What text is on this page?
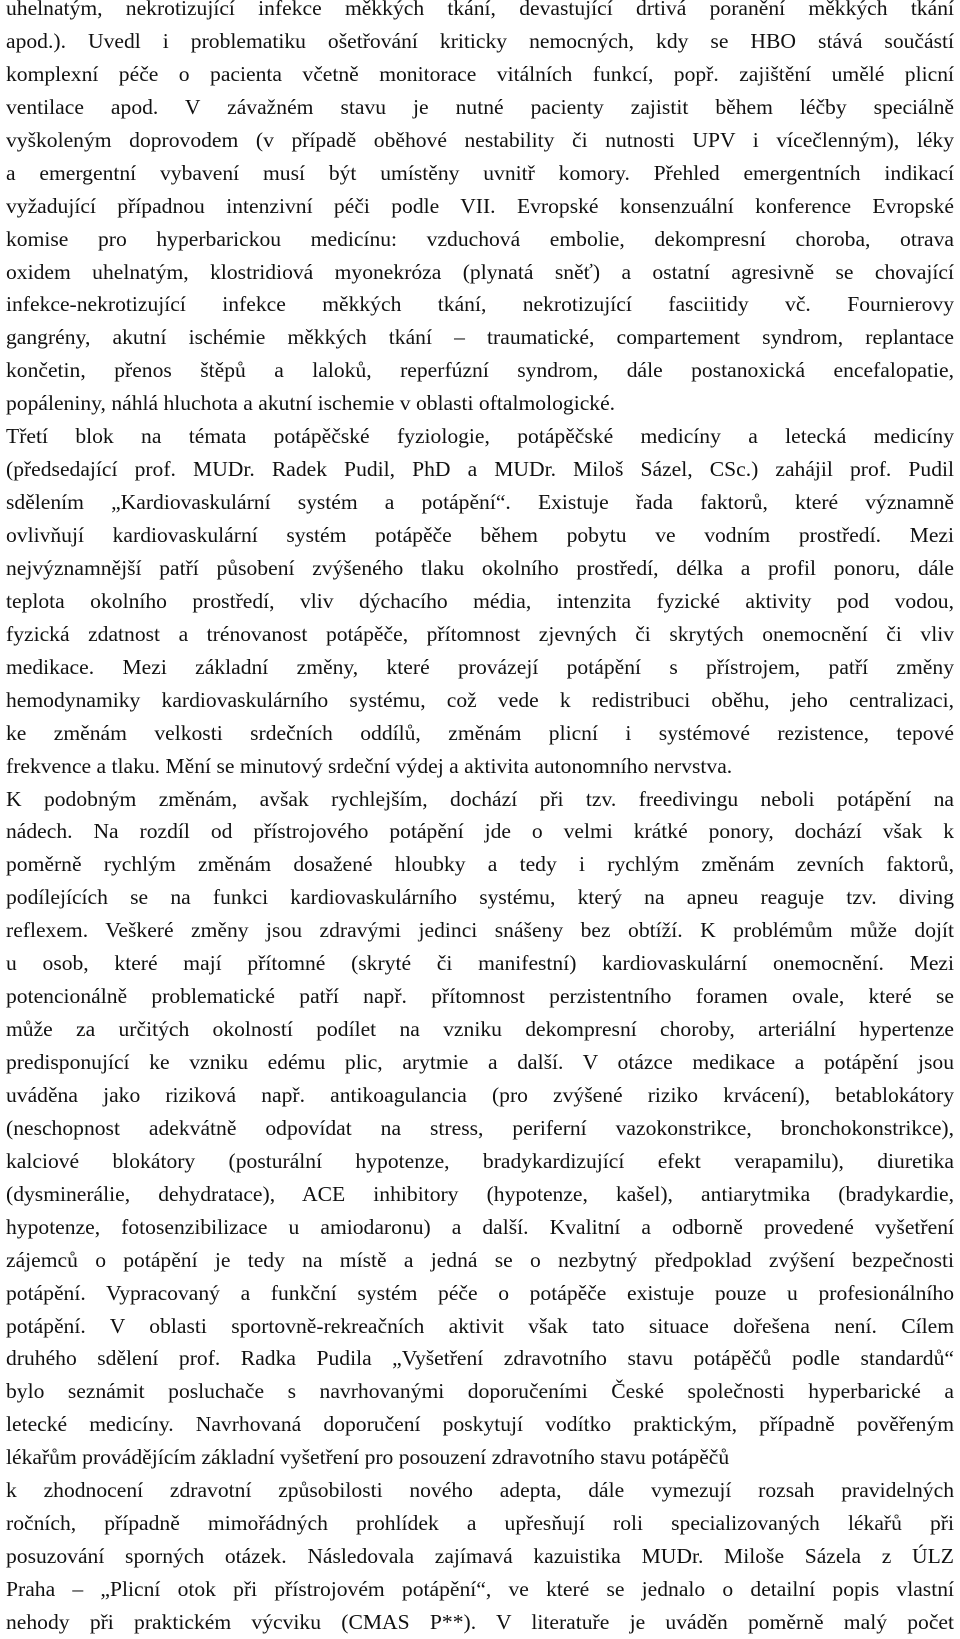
uhelnatým, nekrotizující infekce měkkých tkání, devastující drtivá poranění měkkých tkání
apod.). Uvedl i problematiku ošetřování kriticky nemocných, kdy se HBO stává součástí
komplexní péče o pacienta včetně monitorace vitálních funkcí, popř. zajištění umělé plicní
ventilace apod. V závažném stavu je nutné pacienty zajistit během léčby speciálně
vyškoleným doprovodem (v případě oběhové nestability či nutnosti UPV i vícečlenným), léky
a emergentní vybavení musí být umístěny uvnitř komory. Přehled emergentních indikací
vyžadující případnou intenzivní péči podle VII. Evropské konsenzuální konference Evropské
komise pro hyperbarickou medicínu: vzduchová embolie, dekompresní choroba, otrava
oxidem uhelnatým, klostridiová myonekróza (plynatá sněť) a ostatní agresivně se chovající
infekce-nekrotizující infekce měkkých tkání, nekrotizující fasciitidy vč. Fournierovy
gangrény, akutní ischémie měkkých tkání – traumatické, compartement syndrom, replantace
končetin, přenos štěpů a laloků, reperfúzní syndrom, dále postanoxická encefalopatie,
popáleniny, náhlá hluchota a akutní ischemie v oblasti oftalmologické.
Třetí blok na témata potápěčské fyziologie, potápěčské medicíny a letecká medicíny
(předsedající prof. MUDr. Radek Pudil, PhD a MUDr. Miloš Sázel, CSc.) zahájil prof. Pudil
sdělením „Kardiovaskulární systém a potápění“. Existuje řada faktorů, které významně
ovlivňují kardiovaskulární systém potápěče během pobytu ve vodním prostředí. Mezi
nejvýznamnější patří působení zvýšeného tlaku okolního prostředí, délka a profil ponoru, dále
teplota okolního prostředí, vliv dýchacího média, intenzita fyzické aktivity pod vodou,
fyzická zdatnost a trénovanost potápěče, přítomnost zjevných či skrytých onemocnění či vliv
medikace. Mezi základní změny, které provázejí potápění s přístrojem, patří změny
hemodynamiky kardiovaskulárního systému, což vede k redistribuci oběhu, jeho centralizaci,
ke změnám velkosti srdečních oddílů, změnám plicní i systémové rezistence, tepové
frekvence a tlaku. Mění se minutový srdeční výdej a aktivita autonomního nervstva.
K podobným změnám, avšak rychlejším, dochází při tzv. freedivingu neboli potápění na
nádech. Na rozdíl od přístrojového potápění jde o velmi krátké ponory, dochází však k
poměrně rychlým změnám dosažené hloubky a tedy i rychlým změnám zevních faktorů,
podílejících se na funkci kardiovaskulárního systému, který na apneu reaguje tzv. diving
reflexem. Veškeré změny jsou zdravými jedinci snášeny bez obtíží. K problémům může dojít
u osob, které mají přítomné (skryté či manifestní) kardiovaskulární onemocnění. Mezi
potencionálně problematické patří např. přítomnost perzistentního foramen ovale, které se
může za určitých okolností podílet na vzniku dekompresní choroby, arteriální hypertenze
predisponující ke vzniku edému plic, arytmie a další. V otázce medikace a potápění jsou
uváděna jako riziková např. antikoagulancia (pro zvýšené riziko krvácení), betablokátory
(neschopnost adekvátně odpovídat na stress, periferní vazokonstrikce, bronchokonstrikce),
kalciové blokátory (posturální hypotenze, bradykardizující efekt verapamilu), diuretika
(dysminerálie, dehydratace), ACE inhibitory (hypotenze, kašel), antiarytmika (bradykardie,
hypotenze, fotosenzibilizace u amiodaronu) a další. Kvalitní a odborně provedené vyšetření
zájemců o potápění je tedy na místě a jedná se o nezbytný předpoklad zvýšení bezpečnosti
potápění. Vypracovaný a funkční systém péče o potápěče existuje pouze u profesionálního
potápění. V oblasti sportovně-rekreačních aktivit však tato situace dořešena není. Cílem
druhého sdělení prof. Radka Pudila „Vyšetření zdravotního stavu potápěčů podle standardů“
bylo seznámit posluchače s navrhovanými doporučeními České společnosti hyperbarické a
letecké medicíny. Navrhovaná doporučení poskytují vodítko praktickým, případně pověřeným
lékařům provádějícím základní vyšetření pro posouzení zdravotního stavu potápěčů
k zhodnocení zdravotní způsobilosti nového adepta, dále vymezují rozsah pravidelných
ročních, případně mimořádných prohlídek a upřesňují roli specializovaných lékařů při
posuzování sporných otázek. Následovala zajímavá kazuistika MUDr. Miloše Sázela z ÚLZ
Praha – „Plicní otok při přístrojovém potápění“, ve které se jednalo o detailní popis vlastní
nehody při praktickém výcviku (CMAS P**). V literatuře je uváděn poměrně malý počet
